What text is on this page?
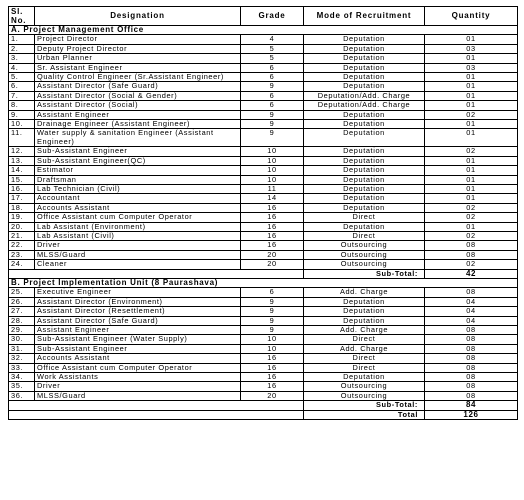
Sl.
No.	Designation	Grade	Mode of Recruitment	Quantity
A. Project Management Office				
1.	Project Director	4	Deputation	01
2.	Deputy Project Director	5	Deputation	03
3.	Urban Planner	5	Deputation	01
4.	Sr. Assistant Engineer	6	Deputation	03
5.	Quality Control Engineer (Sr.Assistant Engineer)	6	Deputation	01
6.	Assistant Director (Safe Guard)	9	Deputation	01
7.	Assistant Director (Social & Gender)	6	Deputation/Add. Charge	01
8.	Assistant Director (Social)	6	Deputation/Add. Charge	01
9.	Assistant Engineer	9	Deputation	02
10.	Drainage Engineer (Assistant Engineer)	9	Deputation	01
11.	Water supply & sanitation Engineer (Assistant Engineer)	9	Deputation	01
12.	Sub-Assistant Engineer	10	Deputation	02
13.	Sub-Assistant Engineer(QC)	10	Deputation	01
14.	Estimator	10	Deputation	01
15.	Draftsman	10	Deputation	01
16.	Lab Technician (Civil)	11	Deputation	01
17.	Accountant	14	Deputation	01
18.	Accounts Assistant	16	Deputation	02
19.	Office Assistant cum Computer Operator	16	Direct	02
20.	Lab Assistant (Environment)	16	Deputation	01
21.	Lab Assistant (Civil)	16	Direct	02
22.	Driver	16	Outsourcing	08
23.	MLSS/Guard	20	Outsourcing	08
24.	Cleaner	20	Outsourcing	02
			Sub-Total:	42
B. Project Implementation Unit (8 Paurashava)				
25.	Executive Engineer	6	Add. Charge	08
26.	Assistant Director (Environment)	9	Deputation	04
27.	Assistant Director (Resettlement)	9	Deputation	04
28.	Assistant Director (Safe Guard)	9	Deputation	04
29.	Assistant Engineer	9	Add. Charge	08
30.	Sub-Assistant Engineer (Water Supply)	10	Direct	08
31.	Sub-Assistant Engineer	10	Add. Charge	08
32.	Accounts Assistant	16	Direct	08
33.	Office Assistant cum Computer Operator	16	Direct	08
34.	Work Assistants	16	Deputation	08
35.	Driver	16	Outsourcing	08
36.	MLSS/Guard	20	Outsourcing	08
			Sub-Total:	84
			Total	126
